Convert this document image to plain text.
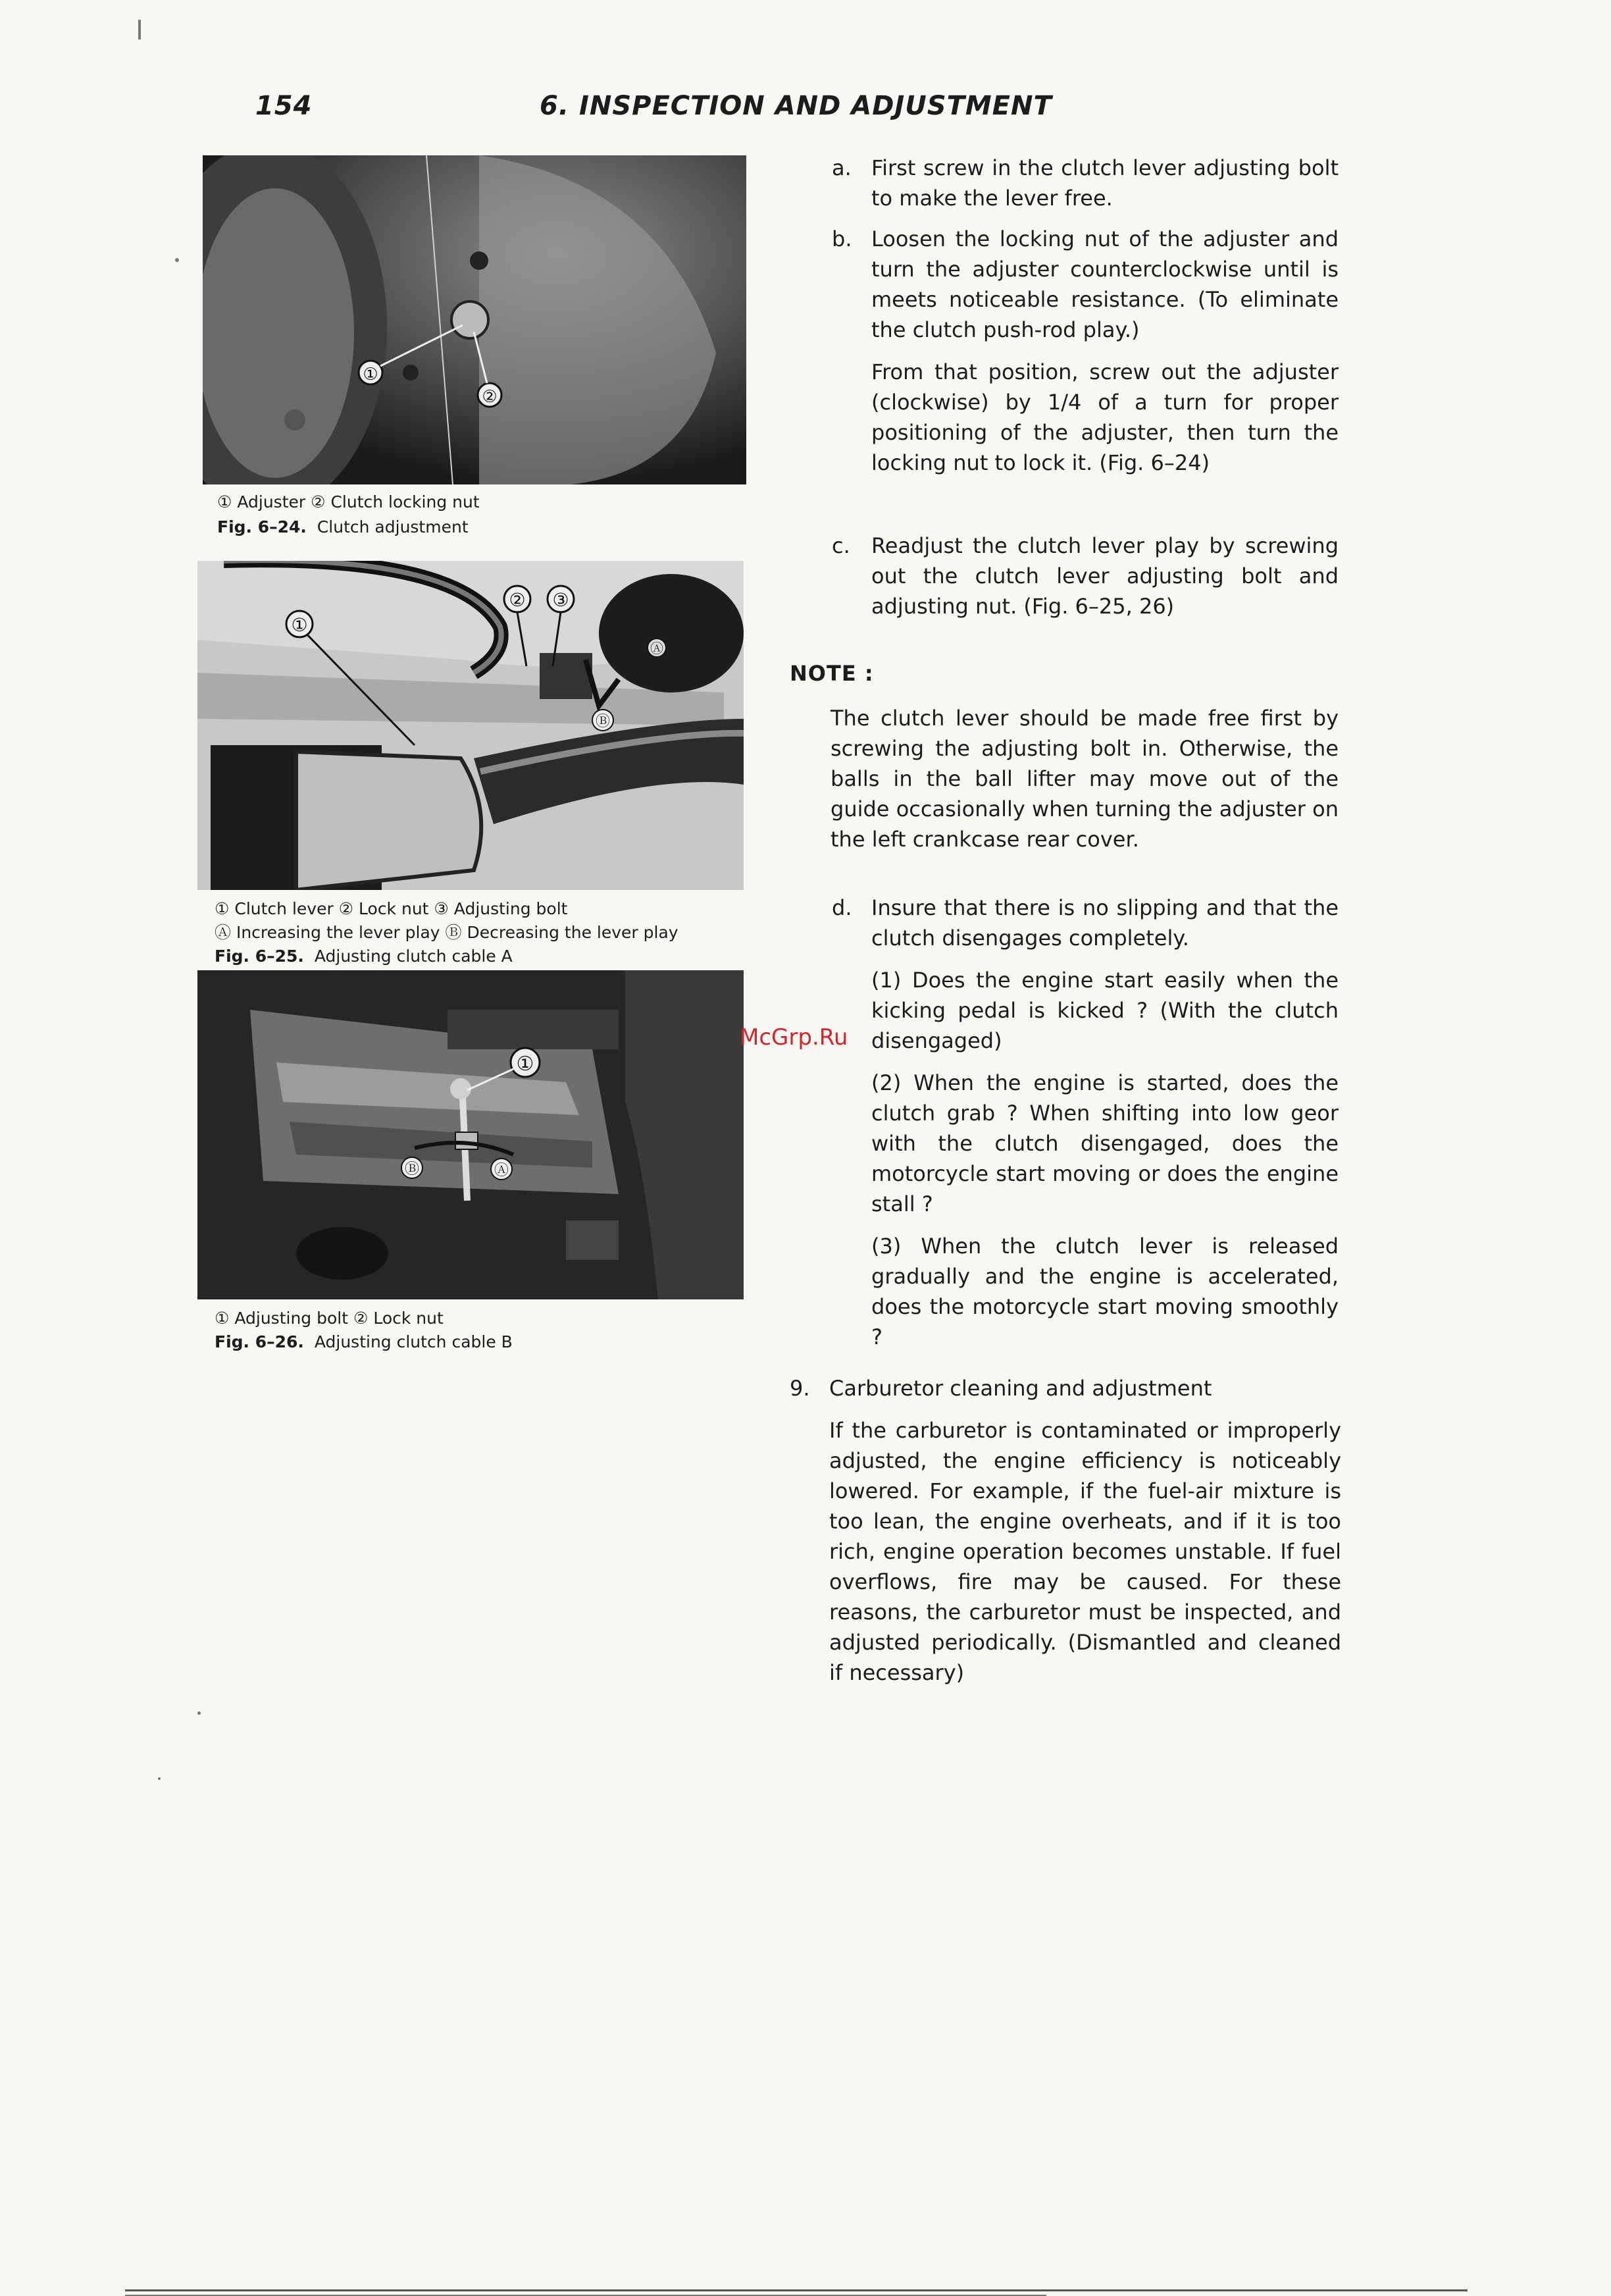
154	6. INSPECTION AND ADJUSTMENT
①
②
① Adjuster ② Clutch locking nut
Fig. 6–24. Clutch adjustment
①
② ③
Ⓐ
Ⓑ
① Clutch lever ② Lock nut ③ Adjusting bolt
Ⓐ Increasing the lever play Ⓑ Decreasing the lever play
Fig. 6–25. Adjusting clutch cable A
①
Ⓑ	Ⓐ
① Adjusting bolt ② Lock nut
Fig. 6–26. Adjusting clutch cable B
a. First screw in the clutch lever adjusting bolt to make the lever free.
b. Loosen the locking nut of the adjuster and turn the adjuster counterclockwise until is meets noticeable resistance. (To eliminate the clutch push-rod play.)
From that position, screw out the adjuster (clockwise) by 1/4 of a turn for proper positioning of the adjuster, then turn the locking nut to lock it. (Fig. 6–24)
c. Readjust the clutch lever play by screwing out the clutch lever adjusting bolt and adjusting nut. (Fig. 6–25, 26)
NOTE :
The clutch lever should be made free first by screwing the adjusting bolt in. Otherwise, the balls in the ball lifter may move out of the guide occasionally when turning the adjuster on the left crankcase rear cover.
d. Insure that there is no slipping and that the clutch disengages completely.
(1) Does the engine start easily when the kicking pedal is kicked ? (With the clutch disengaged)
(2) When the engine is started, does the clutch grab ? When shifting into low geor with the clutch disengaged, does the motorcycle start moving or does the engine stall ?
(3) When the clutch lever is released gradually and the engine is accelerated, does the motorcycle start moving smoothly ?
9. Carburetor cleaning and adjustment
If the carburetor is contaminated or improperly adjusted, the engine efficiency is noticeably lowered. For example, if the fuel-air mixture is too lean, the engine overheats, and if it is too rich, engine operation becomes unstable. If fuel overflows, fire may be caused. For these reasons, the carburetor must be inspected, and adjusted periodically. (Dismantled and cleaned if necessary)
McGrp.Ru
